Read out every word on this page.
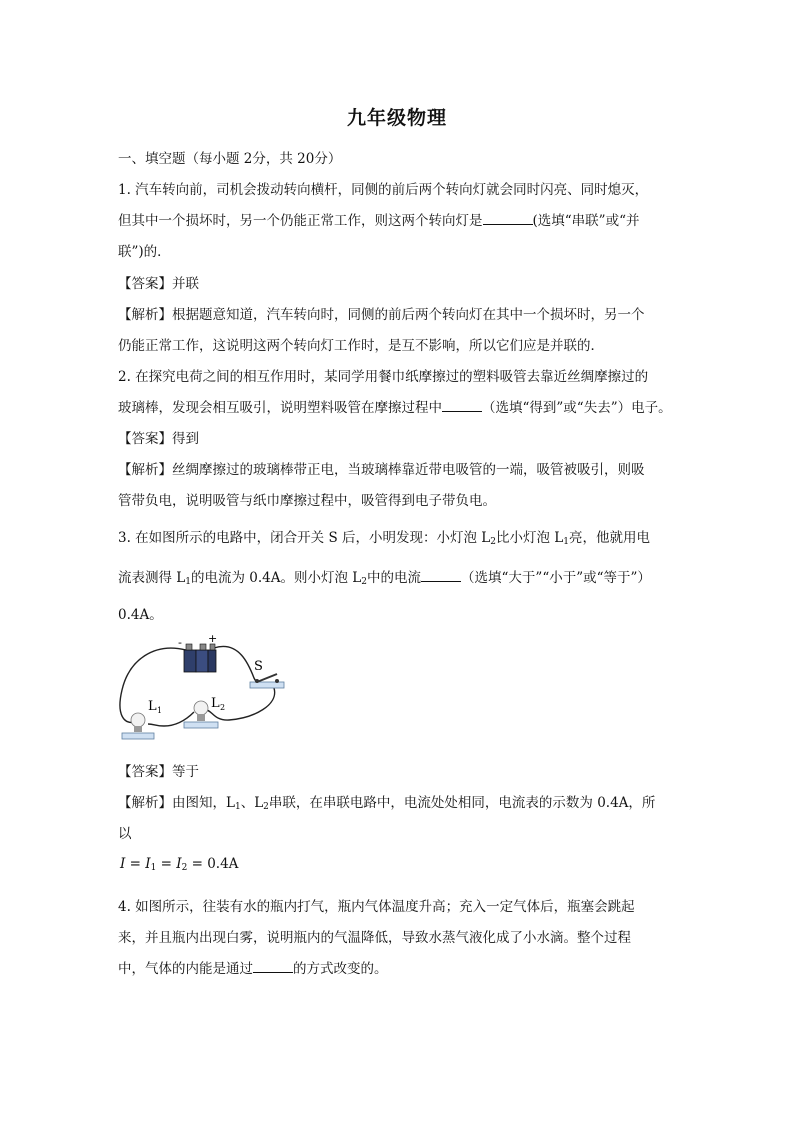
九年级物理
一、填空题（每小题 2分，共 20分）
1. 汽车转向前，司机会拨动转向横杆，同侧的前后两个转向灯就会同时闪亮、同时熄灭，
但其中一个损坏时，另一个仍能正常工作，则这两个转向灯是	(选填“串联”或“并
联”)的．
【答案】并联
【解析】根据题意知道，汽车转向时，同侧的前后两个转向灯在其中一个损坏时，另一个
仍能正常工作，这说明这两个转向灯工作时，是互不影响，所以它们应是并联的．
2. 在探究电荷之间的相互作用时，某同学用餐巾纸摩擦过的塑料吸管去靠近丝绸摩擦过的
玻璃棒，发现会相互吸引，说明塑料吸管在摩擦过程中	（选填“得到”或“失去”）电子。
【答案】得到
【解析】丝绸摩擦过的玻璃棒带正电，当玻璃棒靠近带电吸管的一端，吸管被吸引，则吸
管带负电，说明吸管与纸巾摩擦过程中，吸管得到电子带负电。
3. 在如图所示的电路中，闭合开关 S 后，小明发现：小灯泡 $L_2$比小灯泡 $L_1$亮，他就用电
流表测得 $L_1$的电流为 0.4A。则小灯泡 $L_2$中的电流	（选填“大于”“小于”或“等于”）
0.4A。
- +
S
L 1	L 2
【答案】等于
【解析】由图知，$L_1$、$L_2$串联，在串联电路中，电流处处相同，电流表的示数为 0.4A，所
以
$I = I_1 = I_2 = 0.4A$
4. 如图所示，往装有水的瓶内打气，瓶内气体温度升高；充入一定气体后，瓶塞会跳起
来，并且瓶内出现白雾，说明瓶内的气温降低，导致水蒸气液化成了小水滴。整个过程
中，气体的内能是通过	的方式改变的。
